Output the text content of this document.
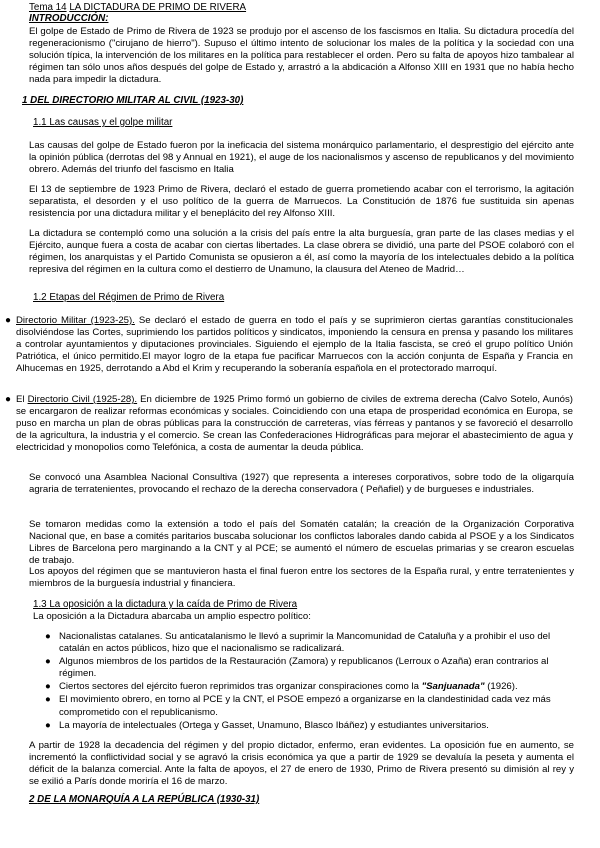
Tema 14 LA DICTADURA DE PRIMO DE RIVERA
INTRODUCCIÓN:
El golpe de Estado de Primo de Rivera de 1923 se produjo por el ascenso de los fascismos en Italia. Su dictadura procedía del regeneracionismo ("cirujano de hierro"). Supuso el último intento de solucionar los males de la política y la sociedad con una solución típica, la intervención de los militares en la política para restablecer el orden. Pero su falta de apoyos hizo tambalear al régimen tan sólo unos años después del golpe de Estado y, arrastró a la abdicación a Alfonso XIII en 1931 que no había hecho nada para impedir la dictadura.
1 DEL DIRECTORIO MILITAR AL CIVIL (1923-30)
1.1 Las causas y el golpe militar
Las causas del golpe de Estado fueron por la ineficacia del sistema monárquico parlamentario, el desprestigio del ejército ante la opinión pública (derrotas del 98 y Annual en 1921), el auge de los nacionalismos y ascenso de republicanos y del movimiento obrero. Además del triunfo del fascismo en Italia
El 13 de septiembre de 1923 Primo de Rivera, declaró el estado de guerra prometiendo acabar con el terrorismo, la agitación separatista, el desorden y el uso político de la guerra de Marruecos. La Constitución de 1876 fue sustituida sin apenas resistencia por una dictadura militar y el beneplácito del rey Alfonso XIII.
La dictadura se contempló como una solución a la crisis del país entre la alta burguesía, gran parte de las clases medias y el Ejército, aunque fuera a costa de acabar con ciertas libertades. La clase obrera se dividió, una parte del PSOE colaboró con el régimen, los anarquistas y el Partido Comunista se opusieron a él, así como la mayoría de los intelectuales debido a la política represiva del régimen en la cultura como el destierro de Unamuno, la clausura del Ateneo de Madrid…
1.2 Etapas del Régimen de Primo de Rivera
● Directorio Militar (1923-25). Se declaró el estado de guerra en todo el país y se suprimieron ciertas garantías constitucionales disolviéndose las Cortes, suprimiendo los partidos políticos y sindicatos, imponiendo la censura en prensa y pasando los militares a controlar ayuntamientos y diputaciones provinciales. Siguiendo el ejemplo de la Italia fascista, se creó el grupo político Unión Patriótica, el único permitido.El mayor logro de la etapa fue pacificar Marruecos con la acción conjunta de España y Francia en Alhucemas en 1925, derrotando a Abd el Krim y recuperando la soberanía española en el protectorado marroquí.
● El Directorio Civil (1925-28). En diciembre de 1925 Primo formó un gobierno de civiles de extrema derecha (Calvo Sotelo, Aunós) se encargaron de realizar reformas económicas y sociales. Coincidiendo con una etapa de prosperidad económica en Europa, se puso en marcha un plan de obras públicas para la construcción de carreteras, vías férreas y pantanos y se favoreció el desarrollo de la agricultura, la industria y el comercio. Se crean las Confederaciones Hidrográficas para mejorar el abastecimiento de agua y electricidad y monopolios como Telefónica, a costa de aumentar la deuda pública.
Se convocó una Asamblea Nacional Consultiva (1927) que representa a intereses corporativos, sobre todo de la oligarquía agraria de terratenientes, provocando el rechazo de la derecha conservadora ( Peñafiel) y de burgueses e industriales.
Se tomaron medidas como la extensión a todo el país del Somatén catalán; la creación de la Organización Corporativa Nacional que, en base a comités paritarios buscaba solucionar los conflictos laborales dando cabida al PSOE y a los Sindicatos Libres de Barcelona pero marginando a la CNT y al PCE; se aumentó el número de escuelas primarias y se crearon escuelas de trabajo.
Los apoyos del régimen que se mantuvieron hasta el final fueron entre los sectores de la España rural, y entre terratenientes y miembros de la burguesía industrial y financiera.
1.3 La oposición a la dictadura y la caída de Primo de Rivera
La oposición a la Dictadura abarcaba un amplio espectro político:
● Nacionalistas catalanes. Su anticatalanismo le llevó a suprimir la Mancomunidad de Cataluña y a prohibir el uso del catalán en actos públicos, hizo que el nacionalismo se radicalizará.
● Algunos miembros de los partidos de la Restauración (Zamora) y republicanos (Lerroux o Azaña) eran contrarios al régimen.
● Ciertos sectores del ejército fueron reprimidos tras organizar conspiraciones como la "Sanjuanada" (1926).
● El movimiento obrero, en torno al PCE y la CNT, el PSOE empezó a organizarse en la clandestinidad cada vez más comprometido con el republicanismo.
● La mayoría de intelectuales (Ortega y Gasset, Unamuno, Blasco Ibáñez) y estudiantes universitarios.
A partir de 1928 la decadencia del régimen y del propio dictador, enfermo, eran evidentes. La oposición fue en aumento, se incrementó la conflictividad social y se agravó la crisis económica ya que a partir de 1929 se devaluía la peseta y aumenta el déficit de la balanza comercial. Ante la falta de apoyos, el 27 de enero de 1930, Primo de Rivera presentó su dimisión al rey y se exilió a París donde moriría el 16 de marzo.
2 DE LA MONARQUÍA A LA REPÚBLICA (1930-31)
